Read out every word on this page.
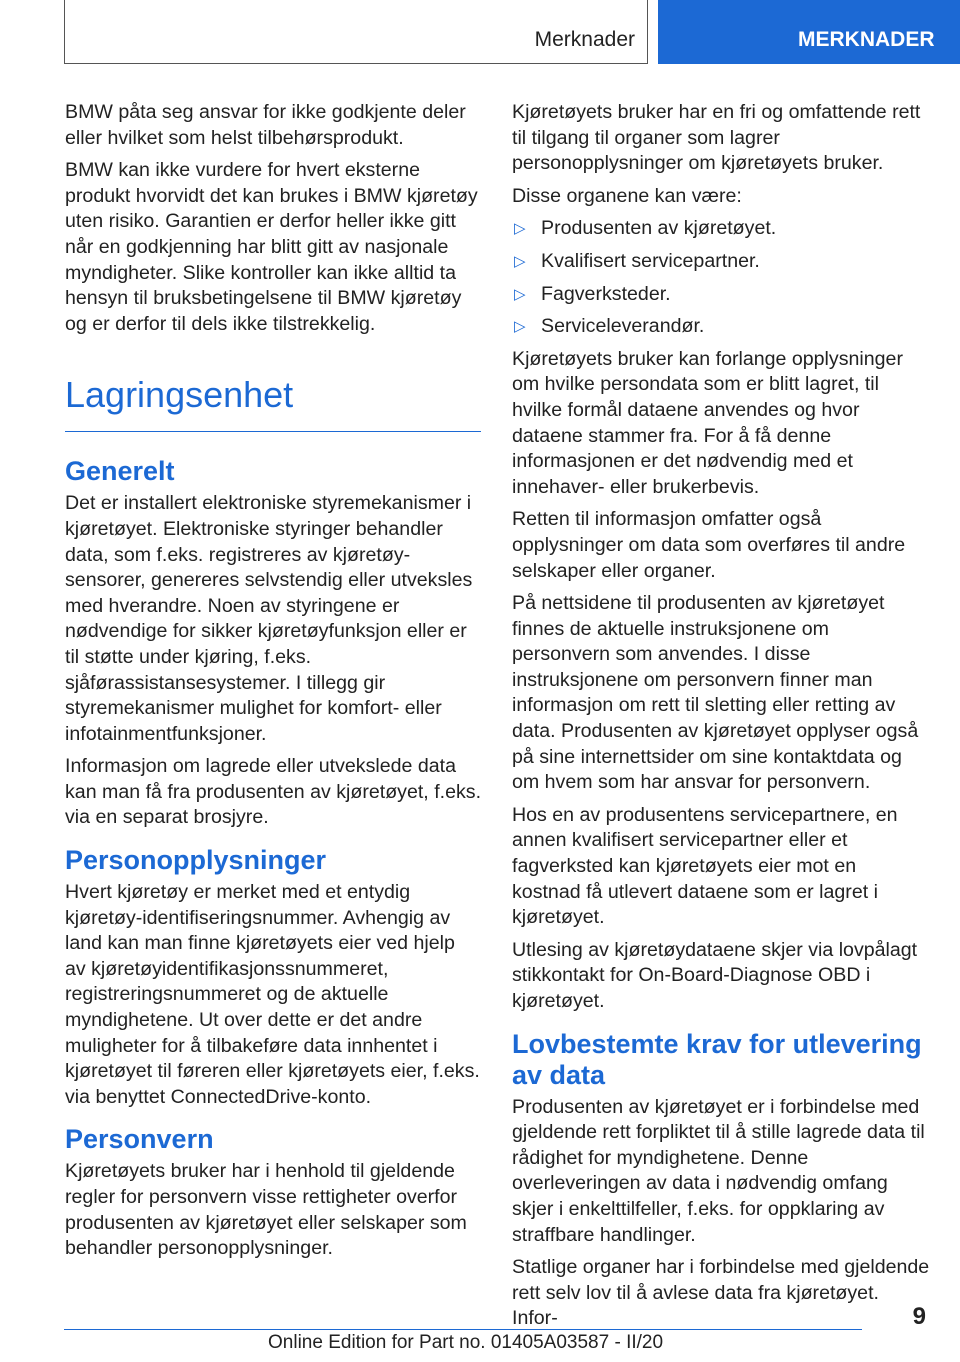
Merknader	MERKNADER

BMW påta seg ansvar for ikke godkjente deler eller hvilket som helst tilbehørsprodukt.

BMW kan ikke vurdere for hvert eksterne produkt hvorvidt det kan brukes i BMW kjøretøy uten risiko. Garantien er derfor heller ikke gitt når en godkjenning har blitt gitt av nasjonale myndigheter. Slike kontroller kan ikke alltid ta hensyn til bruksbetingelsene til BMW kjøretøy og er derfor til dels ikke tilstrekkelig.

Lagringsenhet
Generelt

Det er installert elektroniske styremekanismer i kjøretøyet. Elektroniske styringer behandler data, som f.eks. registreres av kjøretøy-sensorer, genereres selvstendig eller utveksles med hverandre. Noen av styringene er nødvendige for sikker kjøretøyfunksjon eller er til støtte under kjøring, f.eks. sjåførassistansesystemer. I tillegg gir styremekanismer mulighet for komfort- eller infotainmentfunksjoner.

Informasjon om lagrede eller utvekslede data kan man få fra produsenten av kjøretøyet, f.eks. via en separat brosjyre.

Personopplysninger

Hvert kjøretøy er merket med et entydig kjøretøy-identifiseringsnummer. Avhengig av land kan man finne kjøretøyets eier ved hjelp av kjøretøyidentifikasjonssnummeret, registreringsnummeret og de aktuelle myndighetene. Ut over dette er det andre muligheter for å tilbakeføre data innhentet i kjøretøyet til føreren eller kjøretøyets eier, f.eks. via benyttet ConnectedDrive-konto.

Personvern

Kjøretøyets bruker har i henhold til gjeldende regler for personvern visse rettigheter overfor produsenten av kjøretøyet eller selskaper som behandler personopplysninger.

Kjøretøyets bruker har en fri og omfattende rett til tilgang til organer som lagrer personopplysninger om kjøretøyets bruker.

Disse organene kan være:

▷ Produsenten av kjøretøyet.
▷ Kvalifisert servicepartner.
▷ Fagverksteder.
▷ Serviceleverandør.

Kjøretøyets bruker kan forlange opplysninger om hvilke persondata som er blitt lagret, til hvilke formål dataene anvendes og hvor dataene stammer fra. For å få denne informasjonen er det nødvendig med et innehaver- eller brukerbevis.

Retten til informasjon omfatter også opplysninger om data som overføres til andre selskaper eller organer.

På nettsidene til produsenten av kjøretøyet finnes de aktuelle instruksjonene om personvern som anvendes. I disse instruksjonene om personvern finner man informasjon om rett til sletting eller retting av data. Produsenten av kjøretøyet opplyser også på sine internettsider om sine kontaktdata og om hvem som har ansvar for personvern.

Hos en av produsentens servicepartnere, en annen kvalifisert servicepartner eller et fagverksted kan kjøretøyets eier mot en kostnad få utlevert dataene som er lagret i kjøretøyet.

Utlesing av kjøretøydataene skjer via lovpålagt stikkontakt for On-Board-Diagnose OBD i kjøretøyet.

Lovbestemte krav for utlevering av data

Produsenten av kjøretøyet er i forbindelse med gjeldende rett forpliktet til å stille lagrede data til rådighet for myndighetene. Denne overleveringen av data i nødvendig omfang skjer i enkelttilfeller, f.eks. for oppklaring av straffbare handlinger.

Statlige organer har i forbindelse med gjeldende rett selv lov til å avlese data fra kjøretøyet. Infor-	9
Online Edition for Part no. 01405A03587 - II/20
